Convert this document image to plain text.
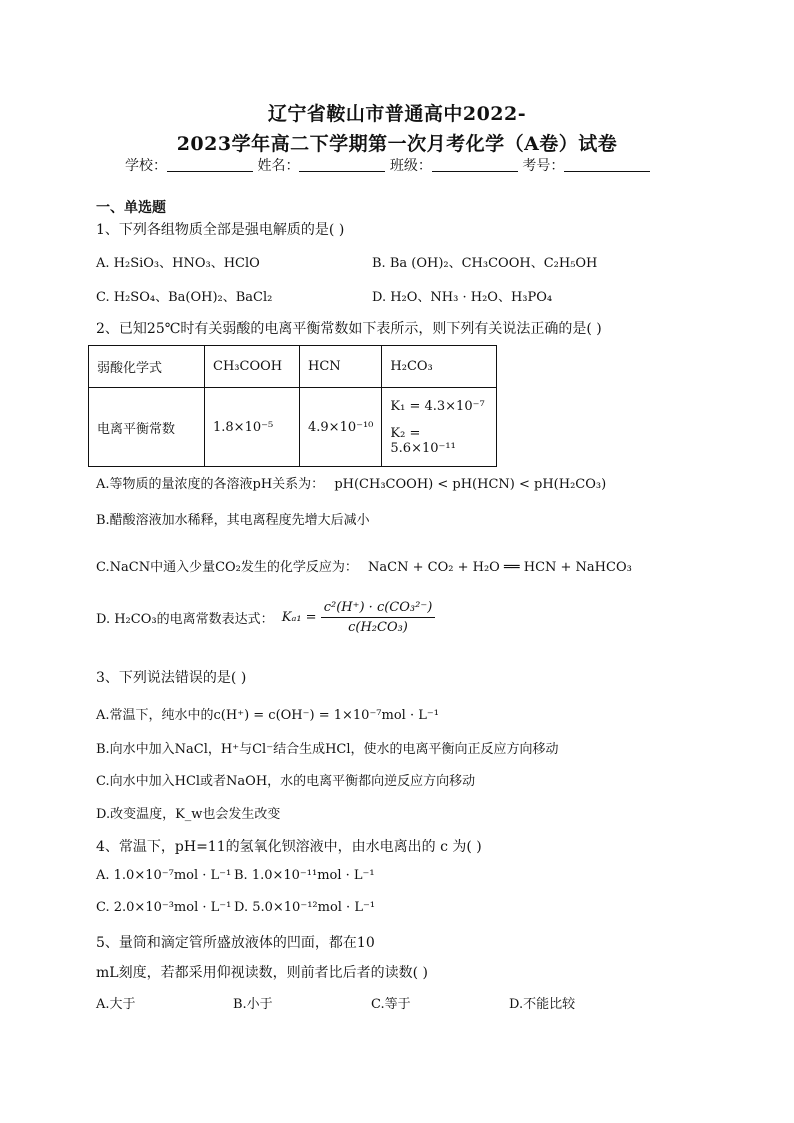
辽宁省鞍山市普通高中2022-
2023学年高二下学期第一次月考化学（A卷）试卷
学校：	姓名：	班级：	考号：
一、单选题
1、下列各组物质全部是强电解质的是( )
A. H₂SiO₃、HNO₃、HClO	B. Ba (OH)₂、CH₃COOH、C₂H₅OH
C. H₂SO₄、Ba(OH)₂、BaCl₂	D. H₂O、NH₃ · H₂O、H₃PO₄
2、已知25℃时有关弱酸的电离平衡常数如下表所示，则下列有关说法正确的是( )
弱酸化学式	CH₃COOH	HCN	H₂CO₃
电离平衡常数	1.8×10⁻⁵	4.9×10⁻¹⁰	K₁ = 4.3×10⁻⁷
K₂ = 5.6×10⁻¹¹
A.等物质的量浓度的各溶液pH关系为： pH(CH₃COOH) < pH(HCN) < pH(H₂CO₃)
B.醋酸溶液加水稀释，其电离程度先增大后减小
C.NaCN中通入少量CO₂发生的化学反应为： NaCN + CO₂ + H₂O ══ HCN + NaHCO₃
D. H₂CO₃的电离常数表达式： $K_{a1} = \frac{\text{c²(H⁺) · c(CO₃²⁻)}}{\text{c(H₂CO₃)}}$
3、下列说法错误的是( )
A.常温下，纯水中的c(H⁺) = c(OH⁻) = 1×10⁻⁷mol · L⁻¹
B.向水中加入NaCl，H⁺与Cl⁻结合生成HCl，使水的电离平衡向正反应方向移动
C.向水中加入HCl或者NaOH，水的电离平衡都向逆反应方向移动
D.改变温度，K_w也会发生改变
4、常温下，pH=11的氢氧化钡溶液中，由水电离出的 c 为( )
A. 1.0×10⁻⁷mol · L⁻¹ B. 1.0×10⁻¹¹mol · L⁻¹
C. 2.0×10⁻³mol · L⁻¹ D. 5.0×10⁻¹²mol · L⁻¹
5、量筒和滴定管所盛放液体的凹面，都在10
mL刻度，若都采用仰视读数，则前者比后者的读数( )
A.大于	B.小于	C.等于	D.不能比较
